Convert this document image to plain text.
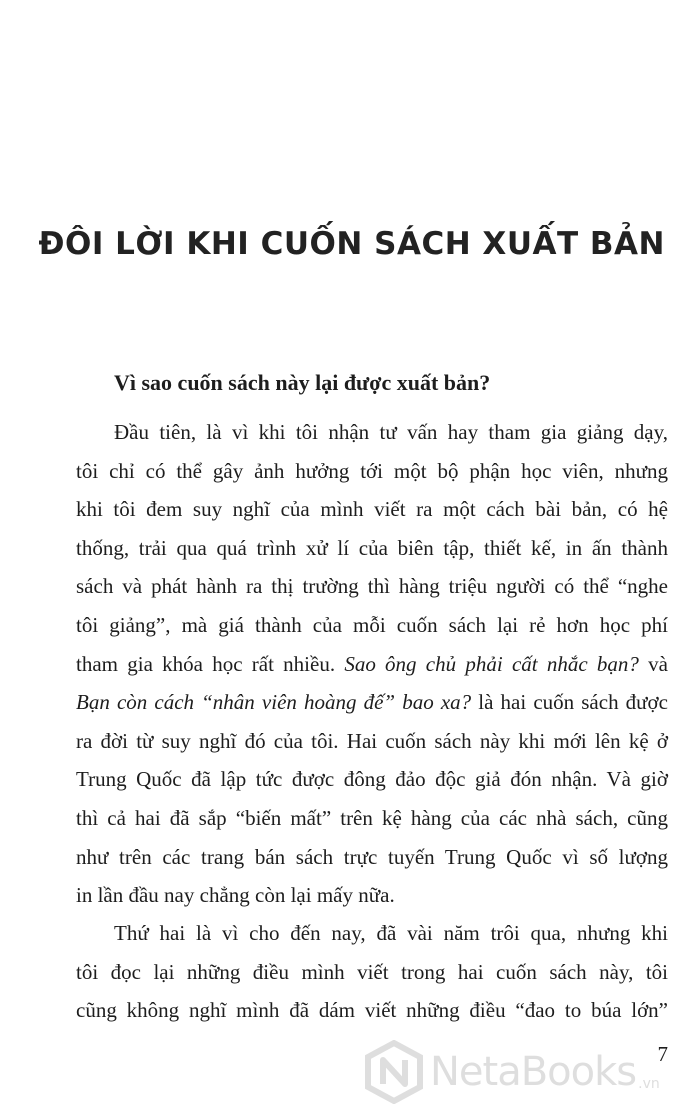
ĐÔI LỜI KHI CUỐN SÁCH XUẤT BẢN
Vì sao cuốn sách này lại được xuất bản?
Đầu tiên, là vì khi tôi nhận tư vấn hay tham gia giảng dạy,
tôi chỉ có thể gây ảnh hưởng tới một bộ phận học viên, nhưng
khi tôi đem suy nghĩ của mình viết ra một cách bài bản, có hệ
thống, trải qua quá trình xử lí của biên tập, thiết kế, in ấn thành
sách và phát hành ra thị trường thì hàng triệu người có thể “nghe
tôi giảng”, mà giá thành của mỗi cuốn sách lại rẻ hơn học phí
tham gia khóa học rất nhiều. Sao ông chủ phải cất nhắc bạn? và
Bạn còn cách “nhân viên hoàng đế” bao xa? là hai cuốn sách được
ra đời từ suy nghĩ đó của tôi. Hai cuốn sách này khi mới lên kệ ở
Trung Quốc đã lập tức được đông đảo độc giả đón nhận. Và giờ
thì cả hai đã sắp “biến mất” trên kệ hàng của các nhà sách, cũng
như trên các trang bán sách trực tuyến Trung Quốc vì số lượng
in lần đầu nay chẳng còn lại mấy nữa.
Thứ hai là vì cho đến nay, đã vài năm trôi qua, nhưng khi
tôi đọc lại những điều mình viết trong hai cuốn sách này, tôi
cũng không nghĩ mình đã dám viết những điều “đao to búa lớn”
NetaBooks .vn
7
